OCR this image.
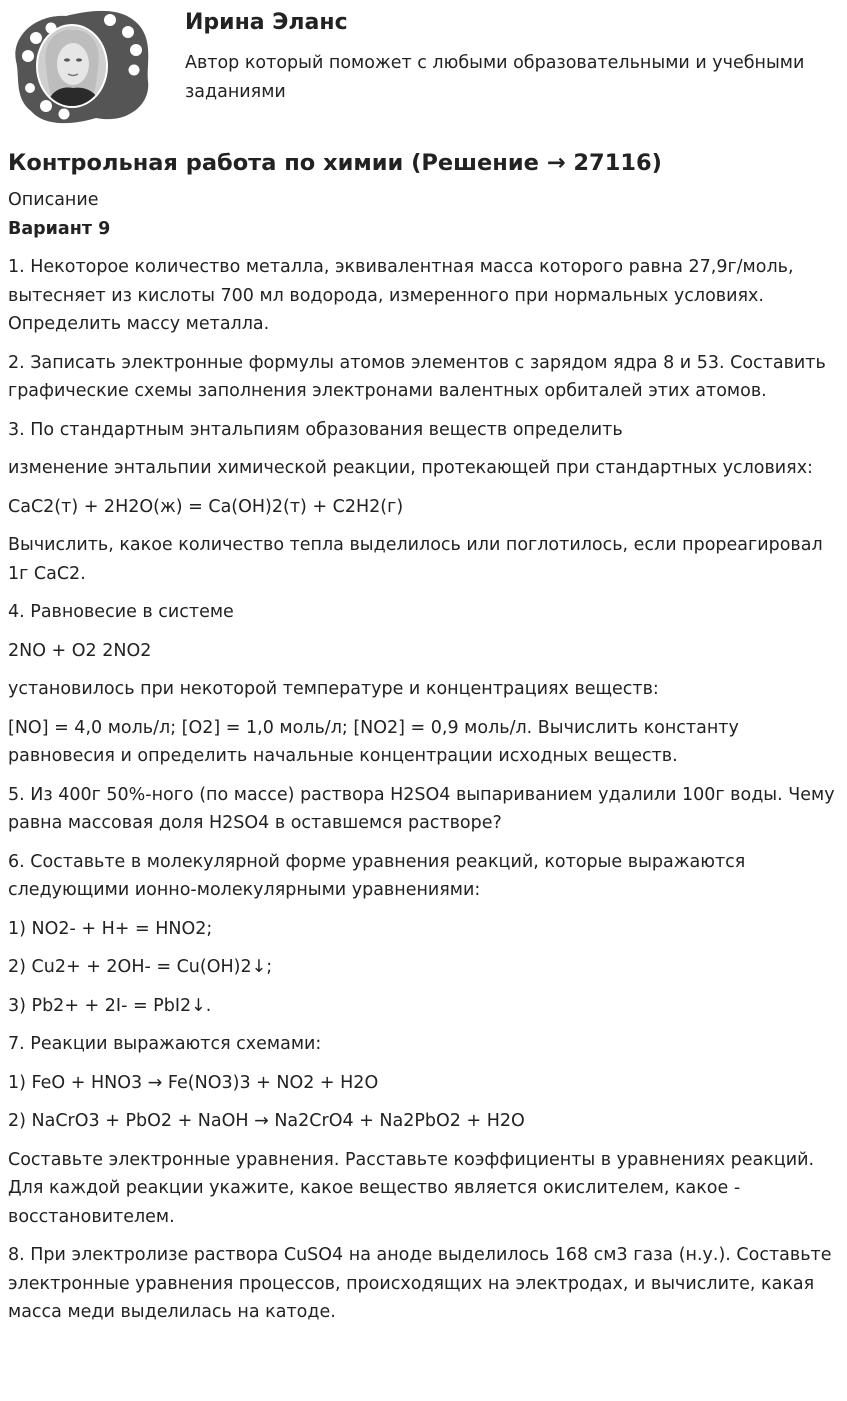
Ирина Эланс
Автор который поможет с любыми образовательными и учебными заданиями
Контрольная работа по химии (Решение → 27116)
Описание
Вариант 9

1. Некоторое количество металла, эквивалентная масса которого равна 27,9г/моль, вытесняет из кислоты 700 мл водорода, измеренного при нормальных условиях. Определить массу металла.

2. Записать электронные формулы атомов элементов с зарядом ядра 8 и 53. Составить графические схемы заполнения электронами валентных орбиталей этих атомов.

3. По стандартным энтальпиям образования веществ определить

изменение энтальпии химической реакции, протекающей при стандартных условиях:

CaC2(т) + 2H2O(ж) = Ca(OH)2(т) + C2H2(г)

Вычислить, какое количество тепла выделилось или поглотилось, если прореагировал 1г CaC2.

4. Равновесие в системе

2NO + O2 2NO2

установилось при некоторой температуре и концентрациях веществ:

[NO] = 4,0 моль/л; [O2] = 1,0 моль/л; [NO2] = 0,9 моль/л. Вычислить константу равновесия и определить начальные концентрации исходных веществ.

5. Из 400г 50%-ного (по массе) раствора H2SO4 выпариванием удалили 100г воды. Чему равна массовая доля H2SO4 в оставшемся растворе?

6. Составьте в молекулярной форме уравнения реакций, которые выражаются следующими ионно-молекулярными уравнениями:

1) NO2- + H+ = HNO2;

2) Cu2+ + 2OH- = Cu(OH)2↓;

3) Pb2+ + 2I- = PbI2↓.

7. Реакции выражаются схемами:

1) FeO + HNO3 → Fe(NO3)3 + NO2 + H2O

2) NaCrO3 + PbO2 + NaOH → Na2CrO4 + Na2PbO2 + H2O

Составьте электронные уравнения. Расставьте коэффициенты в уравнениях реакций. Для каждой реакции укажите, какое вещество является окислителем, какое - восстановителем.

8. При электролизе раствора CuSO4 на аноде выделилось 168 см3 газа (н.у.). Составьте электронные уравнения процессов, происходящих на электродах, и вычислите, какая масса меди выделилась на катоде.
